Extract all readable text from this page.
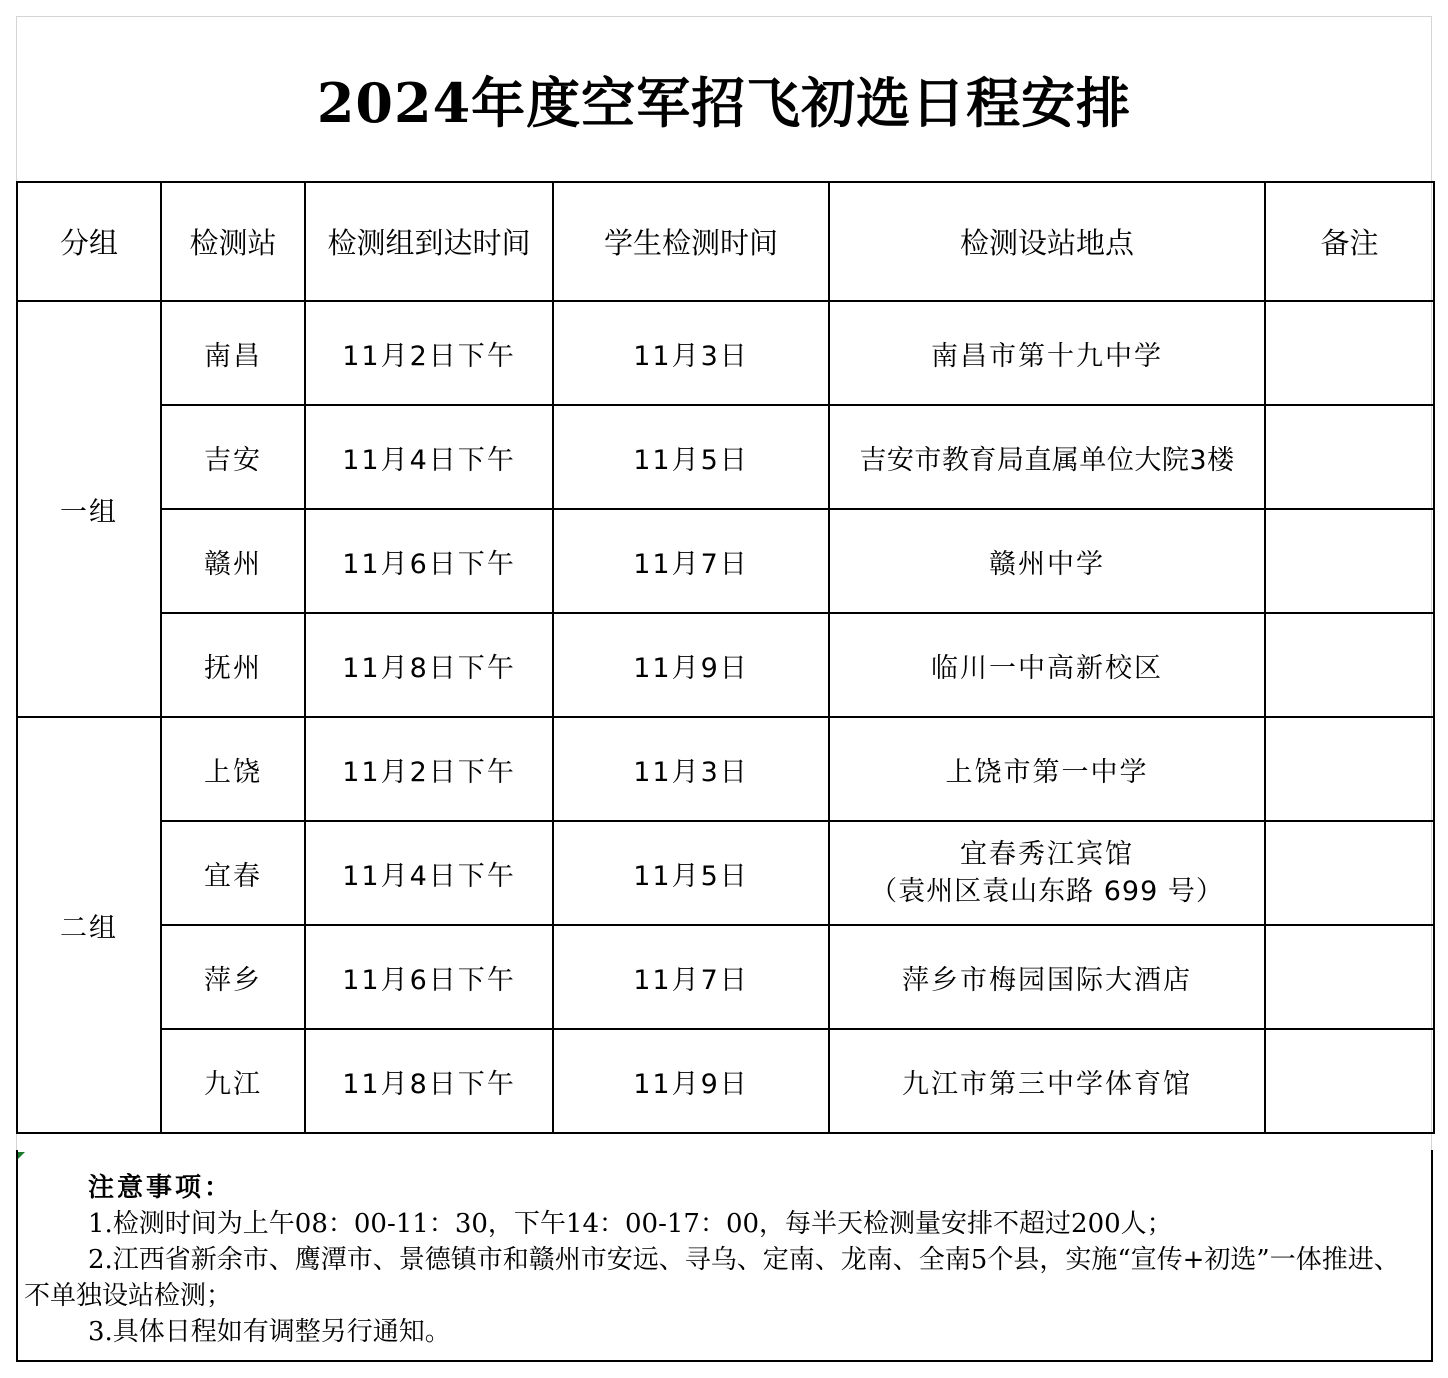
2024年度空军招飞初选日程安排
分组	检测站	检测组到达时间	学生检测时间	检测设站地点	备注
一组	南昌	11月2日下午	11月3日	南昌市第十九中学	
	吉安	11月4日下午	11月5日	吉安市教育局直属单位大院3楼	
	赣州	11月6日下午	11月7日	赣州中学	
	抚州	11月8日下午	11月9日	临川一中高新校区	
二组	上饶	11月2日下午	11月3日	上饶市第一中学	
	宜春	11月4日下午	11月5日	宜春秀江宾馆
（袁州区袁山东路 699 号）	

	萍乡	11月6日下午	11月7日	萍乡市梅园国际大酒店	
	九江	11月8日下午	11月9日	九江市第三中学体育馆	
注意事项：
1.检测时间为上午08：00-11：30，下午14：00-17：00，每半天检测量安排不超过200人；
2.江西省新余市、鹰潭市、景德镇市和赣州市安远、寻乌、定南、龙南、全南5个县，实施“宣传+初选”一体推进、不单独设站检测；
3.具体日程如有调整另行通知。
